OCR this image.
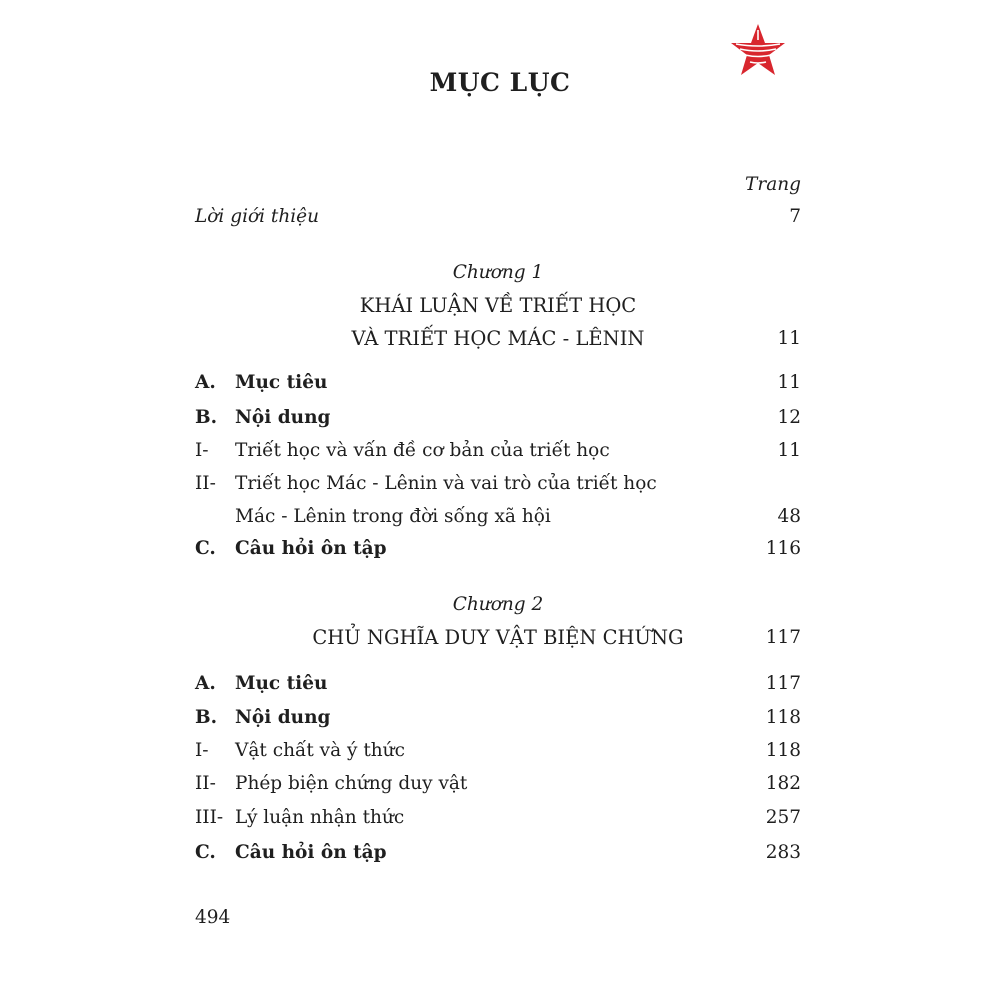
MỤC LỤC
Trang
Lời giới thiệu	7
Chương 1
KHÁI LUẬN VỀ TRIẾT HỌC
VÀ TRIẾT HỌC MÁC - LÊNIN	11
A. Mục tiêu	11
B. Nội dung	12
I- Triết học và vấn đề cơ bản của triết học	11
II- Triết học Mác - Lênin và vai trò của triết học
Mác - Lênin trong đời sống xã hội	48
C. Câu hỏi ôn tập	116
Chương 2
CHỦ NGHĨA DUY VẬT BIỆN CHỨNG	117
A. Mục tiêu	117
B. Nội dung	118
I- Vật chất và ý thức	118
II- Phép biện chứng duy vật	182
III- Lý luận nhận thức	257
C. Câu hỏi ôn tập	283
494
